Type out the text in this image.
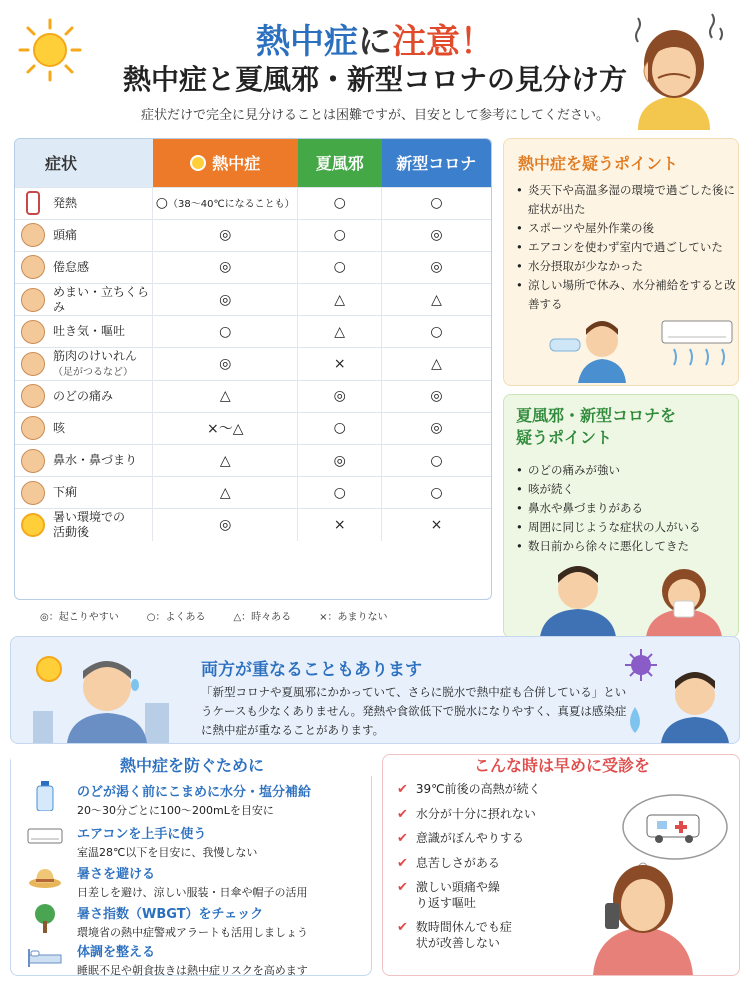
熱中症に注意！
熱中症と夏風邪・新型コロナの見分け方
症状だけで完全に見分けることは困難ですが、目安として参考にしてください。
症状	熱中症	夏風邪	新型コロナ

発熱	○（38～40℃になることも）	○	○

頭痛	◎	○	◎

倦怠感	◎	○	◎

めまい・立ちくらみ	◎	△	△

吐き気・嘔吐	○	△	○

筋肉のけいれん
（足がつるなど）	◎	×	△

のどの痛み	△	◎	◎

咳	×～△	○	◎

鼻水・鼻づまり	△	◎	○

下痢	△	○	○

暑い環境での
活動後	◎	×	×
◎：起こりやすい	○：よくある	△：時々ある	×：あまりない
熱中症を疑うポイント
• 炎天下や高温多湿の環境で過ごした後に症状が出た
• スポーツや屋外作業の後
• エアコンを使わず室内で過ごしていた
• 水分摂取が少なかった
• 涼しい場所で休み、水分補給をすると改善する
夏風邪・新型コロナを
疑うポイント
• のどの痛みが強い
• 咳が続く
• 鼻水や鼻づまりがある
• 周囲に同じような症状の人がいる
• 数日前から徐々に悪化してきた
両方が重なることもあります

「新型コロナや夏風邪にかかっていて、さらに脱水で熱中症も合併している」というケースも少なくありません。発熱や食欲低下で脱水になりやすく、真夏は感染症に熱中症が重なることがあります。

熱中症を防ぐために
のどが渇く前にこまめに水分・塩分補給
20～30分ごとに100～200mLを目安に
エアコンを上手に使う
室温28℃以下を目安に、我慢しない
暑さを避ける
日差しを避け、涼しい服装・日傘や帽子の活用
暑さ指数（WBGT）をチェック
環境省の熱中症警戒アラートも活用しましょう
体調を整える
睡眠不足や朝食抜きは熱中症リスクを高めます
こんな時は早めに受診を
✔ 39℃前後の高熱が続く
✔ 水分が十分に摂れない
✔ 意識がぼんやりする
✔ 息苦しさがある
✔ 激しい頭痛や繰り返す嘔吐
✔ 数時間休んでも症状が改善しない
